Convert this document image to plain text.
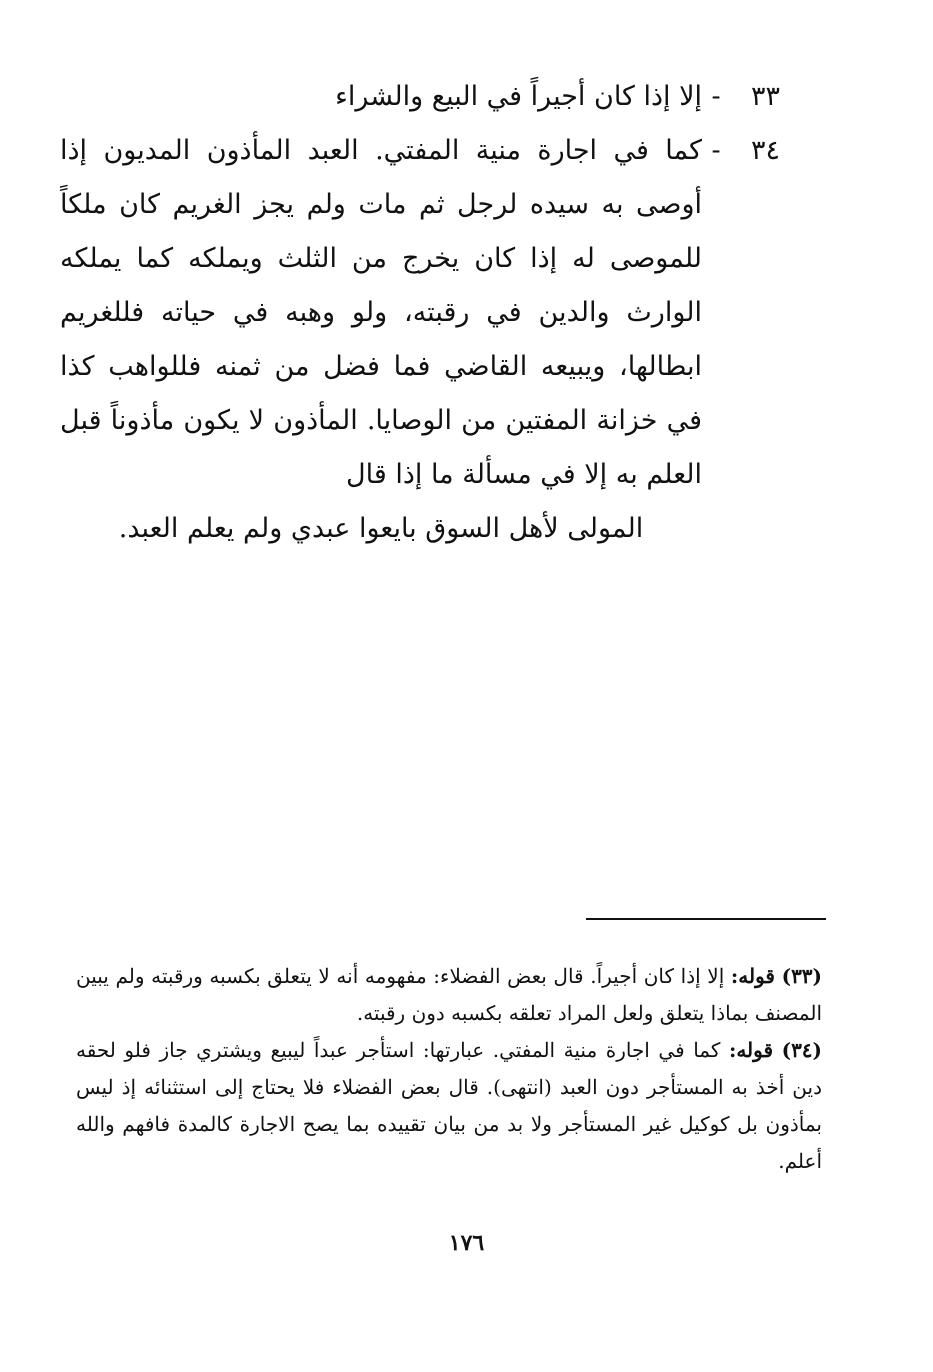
٣٣
-
إلا إذا كان أجيراً في البيع والشراء
٣٤
-
كما في اجارة منية المفتي. العبد المأذون المديون إذا أوصى به سيده لرجل ثم مات ولم يجز الغريم كان ملكاً للموصى له إذا كان يخرج من الثلث ويملكه كما يملكه الوارث والدين في رقبته، ولو وهبه في حياته فللغريم ابطالها، ويبيعه القاضي فما فضل من ثمنه فللواهب كذا في خزانة المفتين من الوصايا. المأذون لا يكون مأذوناً قبل العلم به إلا في مسألة ما إذا قال
المولى لأهل السوق بايعوا عبدي ولم يعلم العبد.

(٣٣) قوله: إلا إذا كان أجيراً. قال بعض الفضلاء: مفهومه أنه لا يتعلق بكسبه ورقبته ولم يبين المصنف بماذا يتعلق ولعل المراد تعلقه بكسبه دون رقبته.

(٣٤) قوله: كما في اجارة منية المفتي. عبارتها: استأجر عبداً ليبيع ويشتري جاز فلو لحقه دين أخذ به المستأجر دون العبد (انتهى). قال بعض الفضلاء فلا يحتاج إلى استثنائه إذ ليس بمأذون بل كوكيل غير المستأجر ولا بد من بيان تقييده بما يصح الاجارة كالمدة فافهم والله أعلم.

١٧٦
